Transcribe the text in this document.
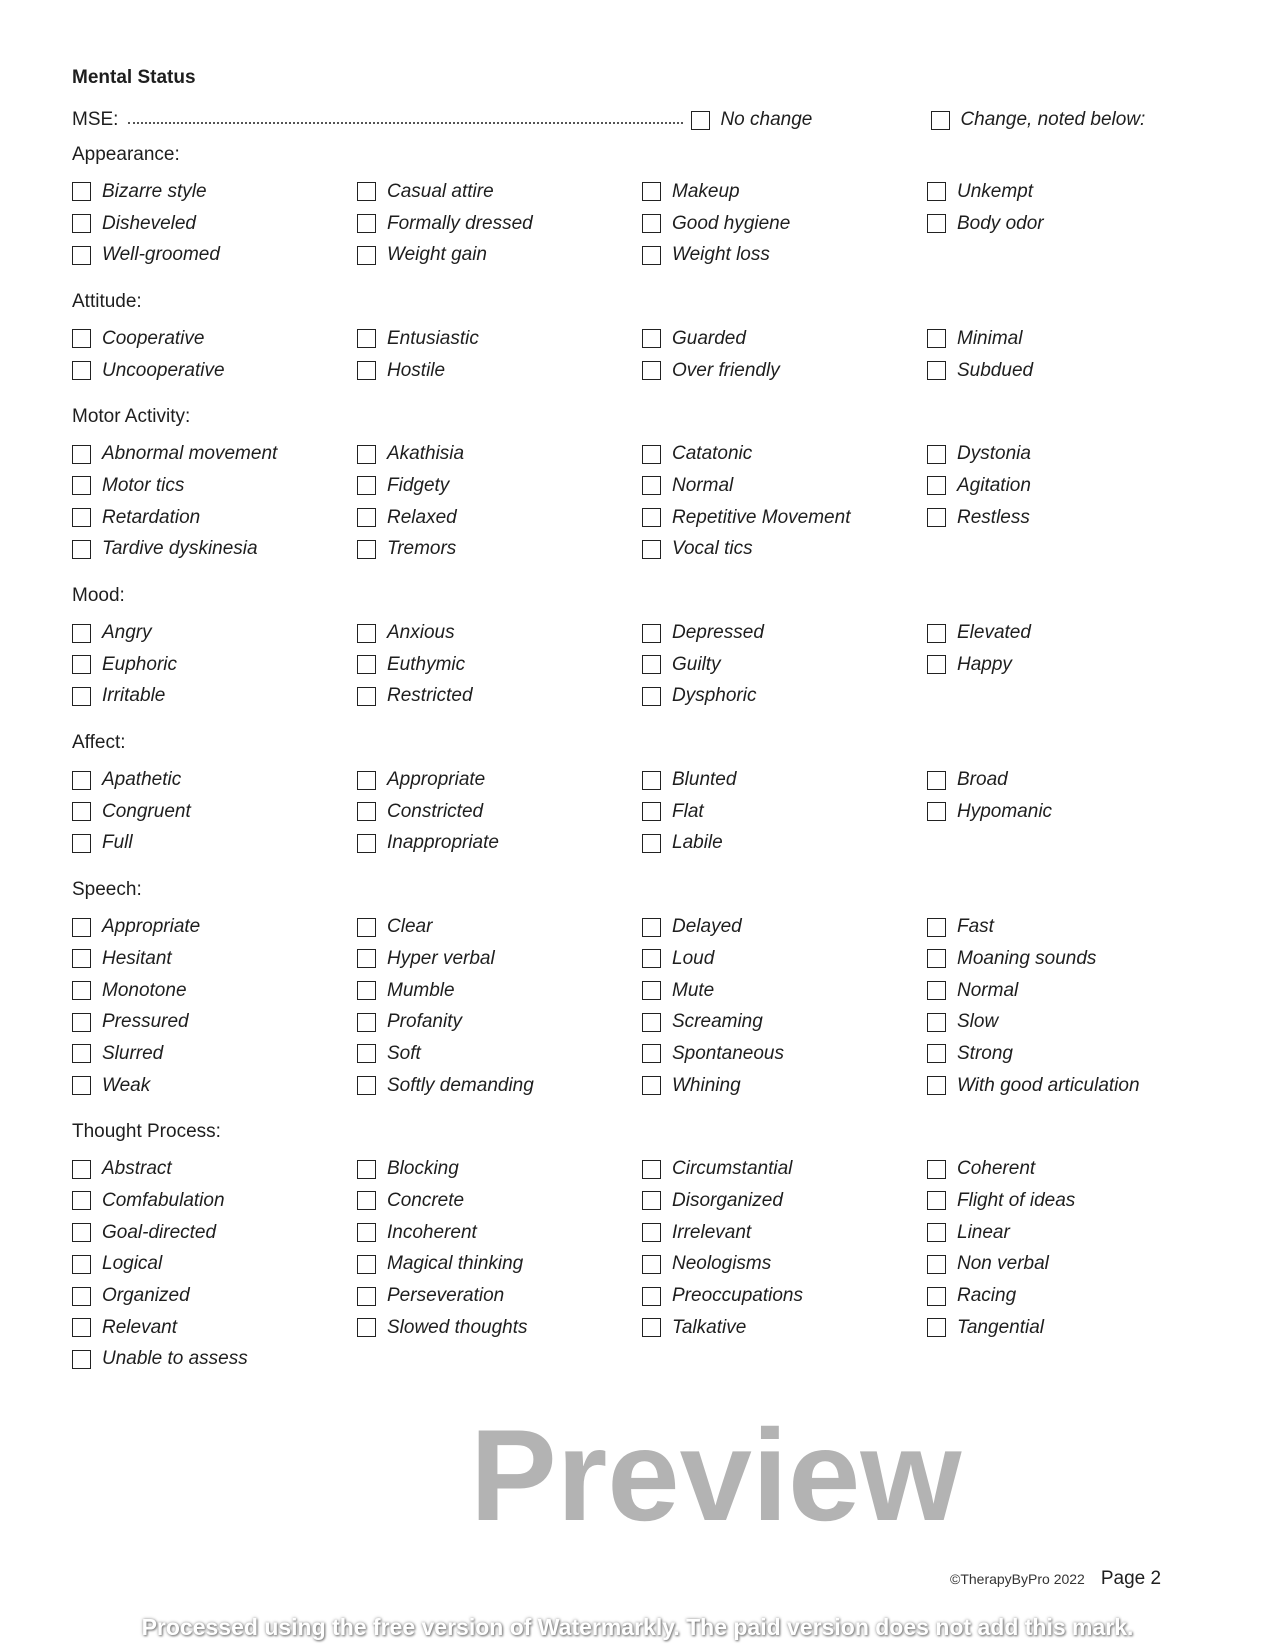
Mental Status
MSE:	No change	Change, noted below:
Appearance:
Bizarre style	Casual attire	Makeup	Unkempt
Disheveled	Formally dressed	Good hygiene	Body odor
Well-groomed	Weight gain	Weight loss
Attitude:
Cooperative	Entusiastic	Guarded	Minimal
Uncooperative	Hostile	Over friendly	Subdued
Motor Activity:
Abnormal movement	Akathisia	Catatonic	Dystonia
Motor tics	Fidgety	Normal	Agitation
Retardation	Relaxed	Repetitive Movement	Restless
Tardive dyskinesia	Tremors	Vocal tics
Mood:
Angry	Anxious	Depressed	Elevated
Euphoric	Euthymic	Guilty	Happy
Irritable	Restricted	Dysphoric
Affect:
Apathetic	Appropriate	Blunted	Broad
Congruent	Constricted	Flat	Hypomanic
Full	Inappropriate	Labile
Speech:
Appropriate	Clear	Delayed	Fast
Hesitant	Hyper verbal	Loud	Moaning sounds
Monotone	Mumble	Mute	Normal
Pressured	Profanity	Screaming	Slow
Slurred	Soft	Spontaneous	Strong
Weak	Softly demanding	Whining	With good articulation
Thought Process:
Abstract	Blocking	Circumstantial	Coherent
Comfabulation	Concrete	Disorganized	Flight of ideas
Goal-directed	Incoherent	Irrelevant	Linear
Logical	Magical thinking	Neologisms	Non verbal
Organized	Perseveration	Preoccupations	Racing
Relevant	Slowed thoughts	Talkative	Tangential
Unable to assess
Preview
©TherapyByPro 2022 Page 2
Processed using the free version of Watermarkly. The paid version does not add this mark.
